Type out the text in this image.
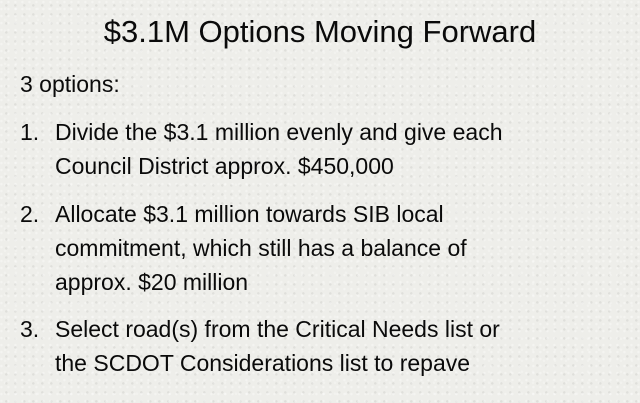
$3.1M Options Moving Forward
3 options:
1. Divide the $3.1 million evenly and give each
Council District approx. $450,000
2. Allocate $3.1 million towards SIB local
commitment, which still has a balance of
approx. $20 million
3. Select road(s) from the Critical Needs list or
the SCDOT Considerations list to repave
